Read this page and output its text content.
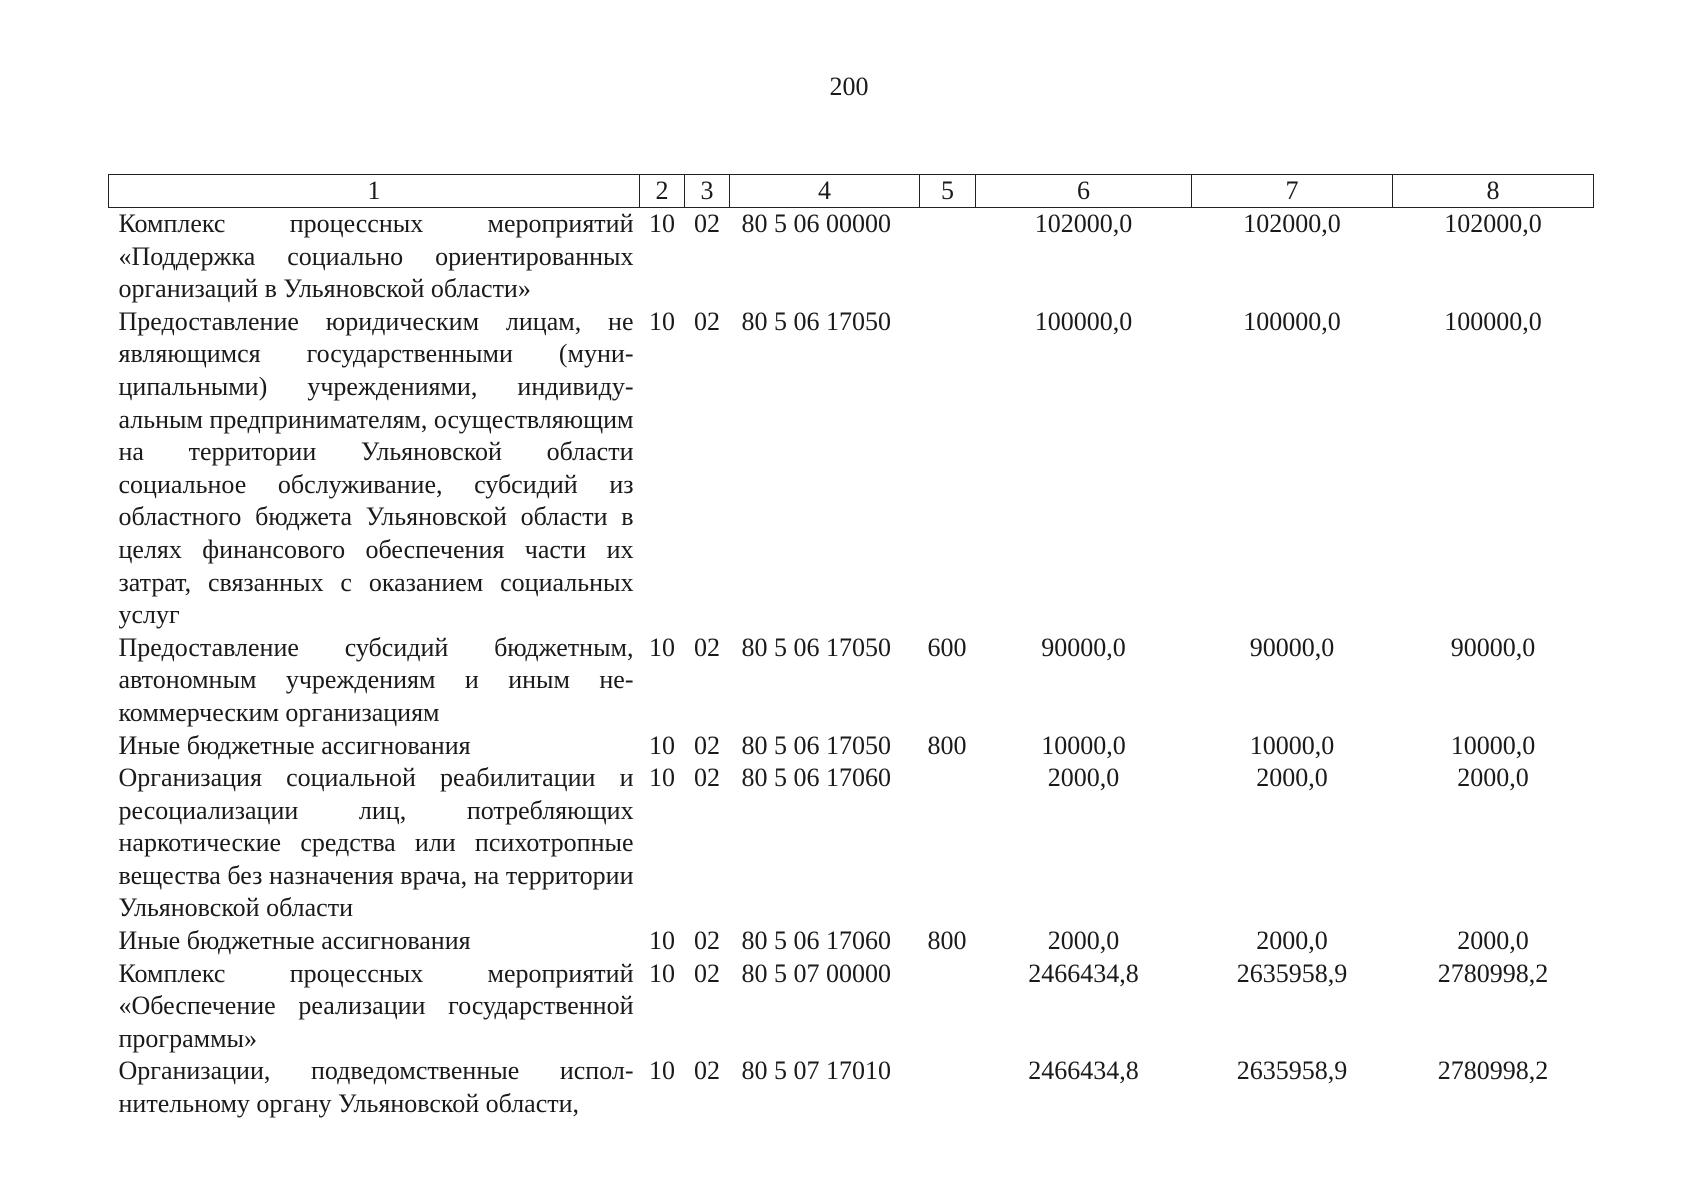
200
1	2	3	4	5	6	7	8
Комплекс процессных мероприятий «Поддержка социально ориентированных организаций в Ульяновской области»	10	02	80 5 06 00000		102000,0	102000,0	102000,0
Предоставление юридическим лицам, не являющимся государственными (муниципальными) учреждениями, индивидуальным предпринимателям, осуществляющим на территории Ульяновской области социальное обслуживание, субсидий из областного бюджета Ульяновской области в целях финансового обеспечения части их затрат, связанных с оказанием социальных услуг	10	02	80 5 06 17050		100000,0	100000,0	100000,0
Предоставление субсидий бюджетным, автономным учреждениям и иным некоммерческим организациям	10	02	80 5 06 17050	600	90000,0	90000,0	90000,0
Иные бюджетные ассигнования	10	02	80 5 06 17050	800	10000,0	10000,0	10000,0
Организация социальной реабилитации и ресоциализации лиц, потребляющих наркотические средства или психотропные вещества без назначения врача, на территории Ульяновской области	10	02	80 5 06 17060		2000,0	2000,0	2000,0
Иные бюджетные ассигнования	10	02	80 5 06 17060	800	2000,0	2000,0	2000,0
Комплекс процессных мероприятий «Обеспечение реализации государственной программы»	10	02	80 5 07 00000		2466434,8	2635958,9	2780998,2
Организации, подведомственные исполнительному органу Ульяновской области,	10	02	80 5 07 17010		2466434,8	2635958,9	2780998,2
